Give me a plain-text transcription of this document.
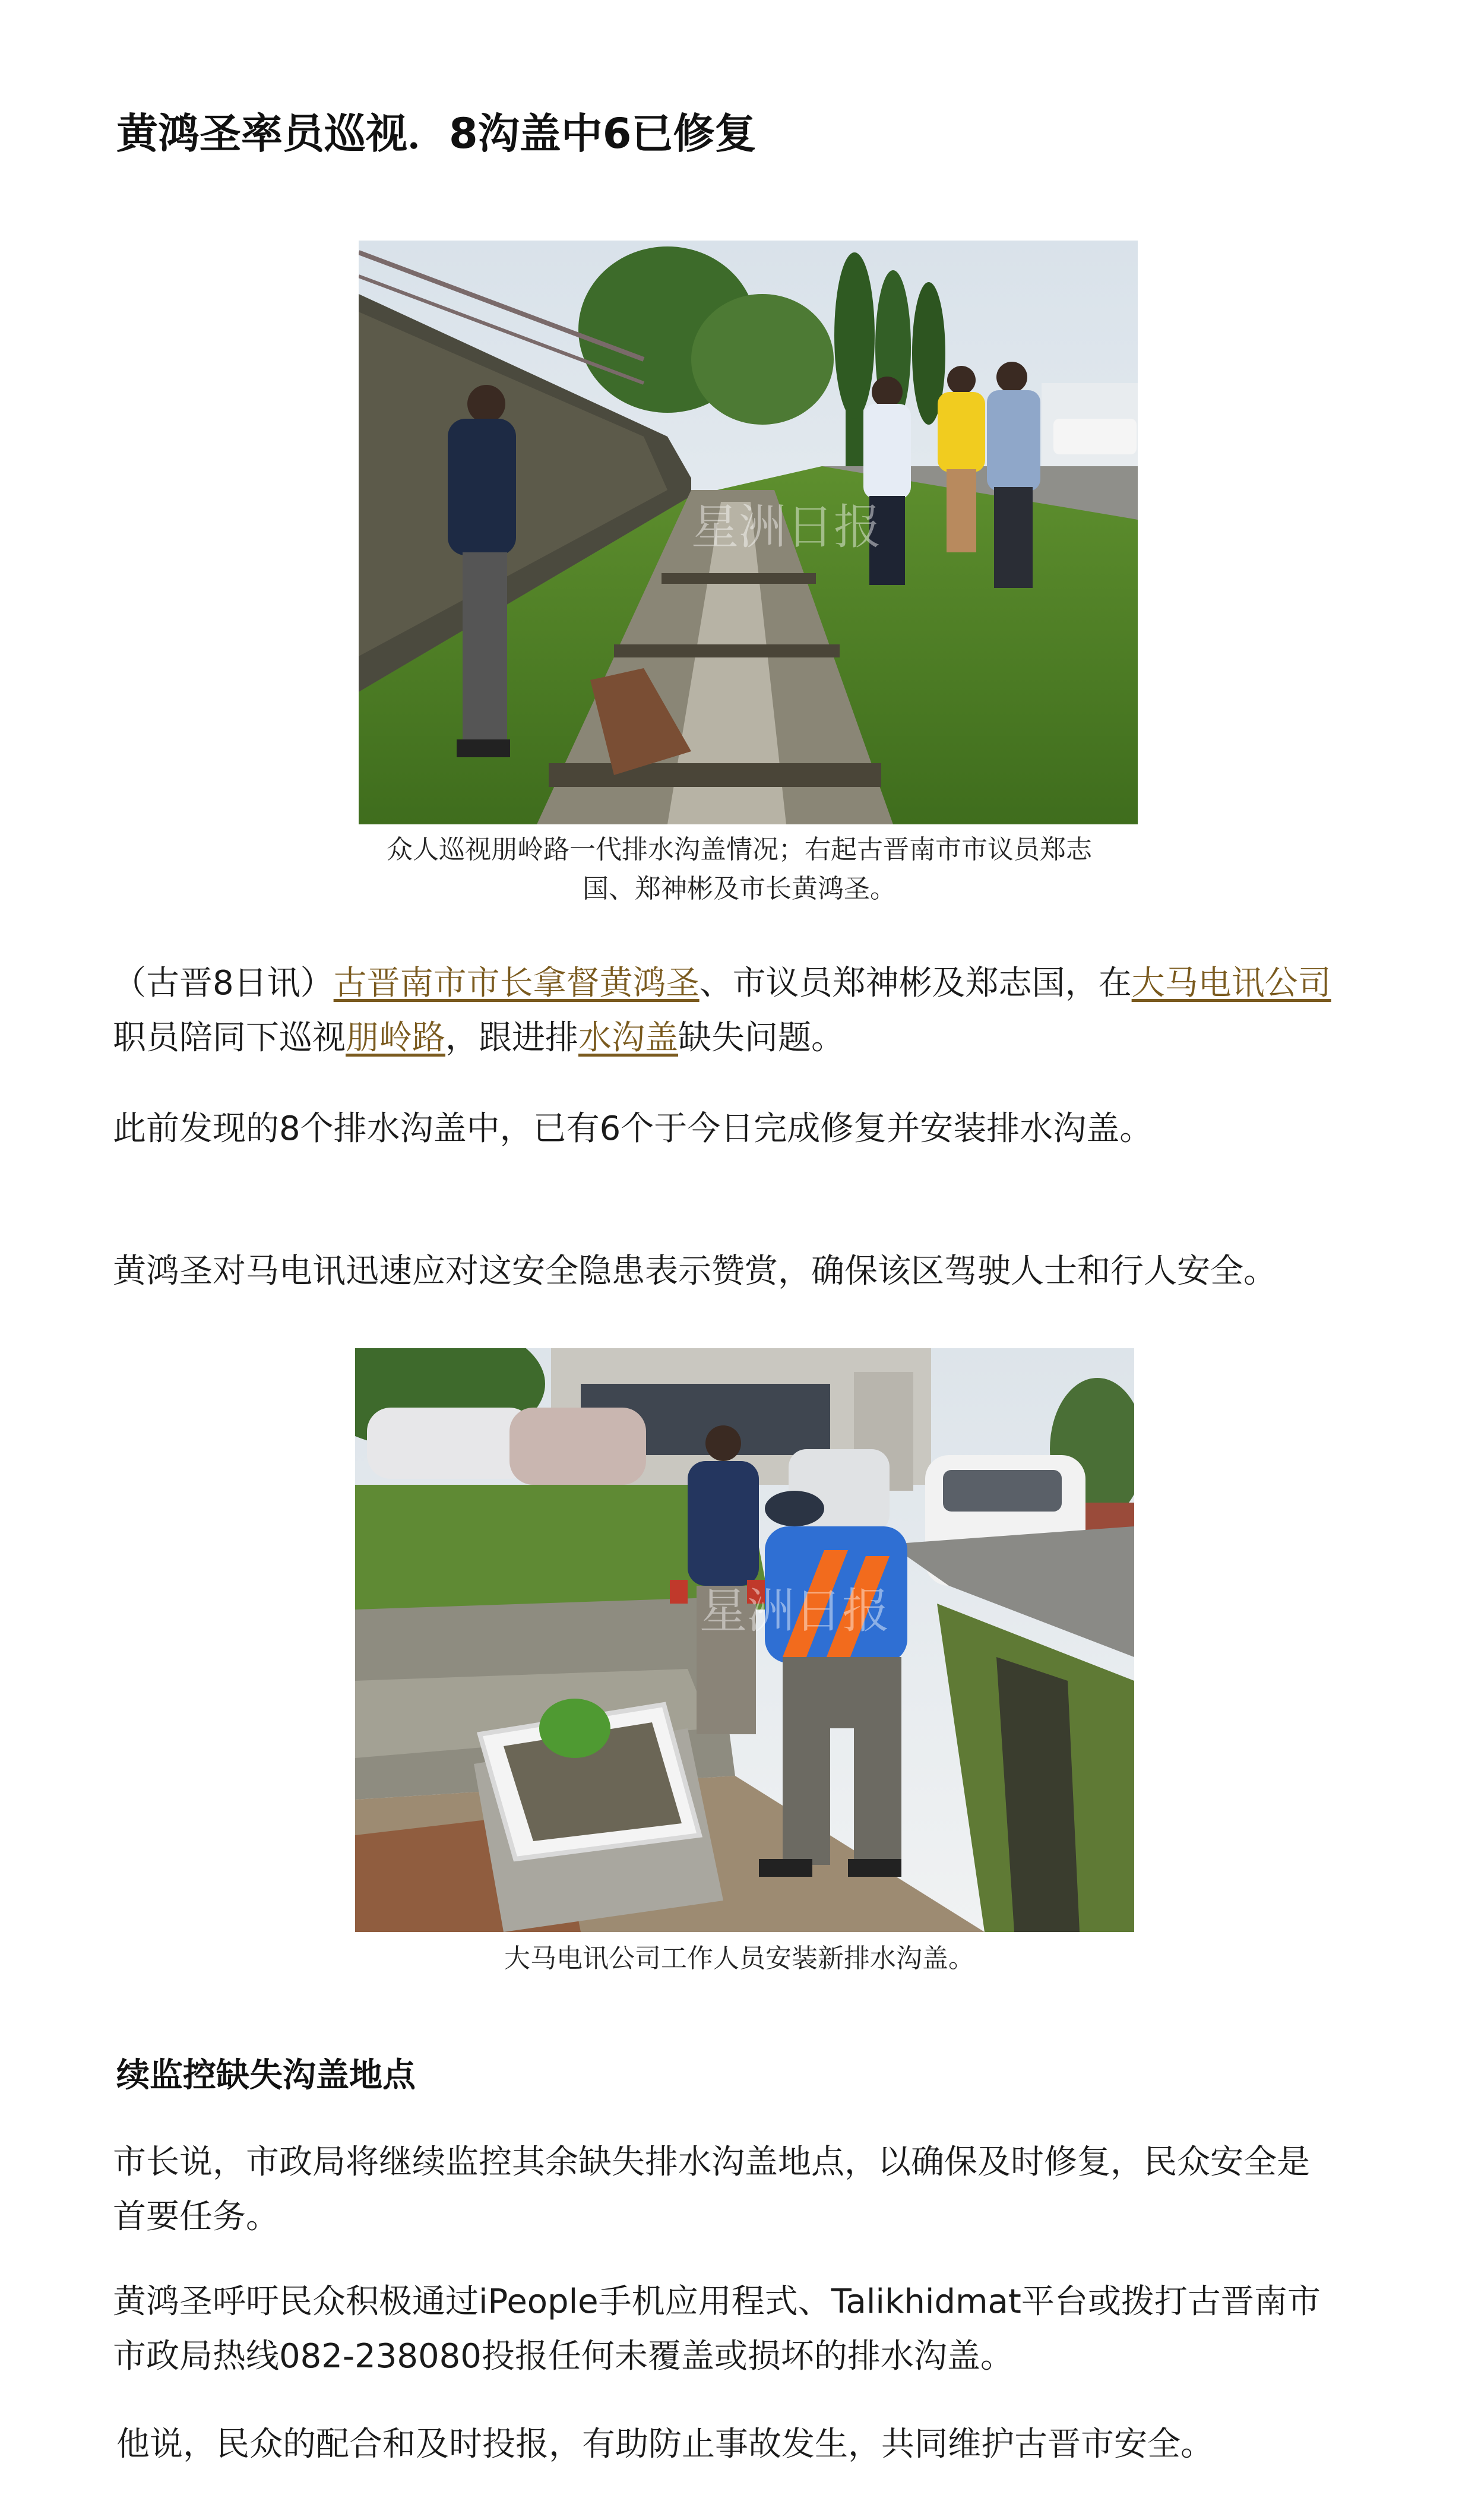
黄鸿圣率员巡视．8沟盖中6已修复
星洲日报
众人巡视朋岭路一代排水沟盖情况；右起古晋南市市议员郑志
国、郑神彬及市长黄鸿圣。

（古晋8日讯）古晋南市市长拿督黄鸿圣、市议员郑神彬及郑志国，在大马电讯公司
职员陪同下巡视朋岭路，跟进排水沟盖缺失问题。

此前发现的8个排水沟盖中，已有6个于今日完成修复并安装排水沟盖。

黄鸿圣对马电讯迅速应对这安全隐患表示赞赏，确保该区驾驶人士和行人安全。

星洲日报
大马电讯公司工作人员安装新排水沟盖。
续监控缺失沟盖地点

市长说，市政局将继续监控其余缺失排水沟盖地点，以确保及时修复，民众安全是
首要任务。

黄鸿圣呼吁民众积极通过iPeople手机应用程式、Talikhidmat平台或拨打古晋南市
市政局热线082-238080投报任何未覆盖或损坏的排水沟盖。

他说，民众的配合和及时投报，有助防止事故发生，共同维护古晋市安全。
